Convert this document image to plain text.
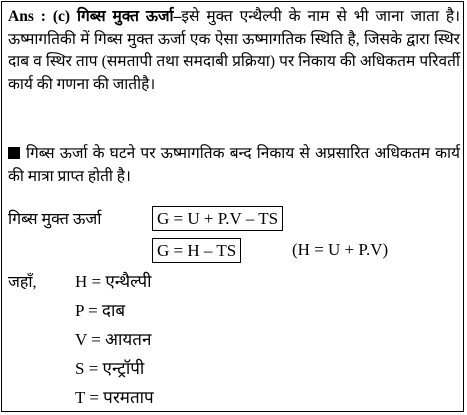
Ans : (c) गिब्स मुक्त ऊर्जा–इसे मुक्त एन्थैल्पी के नाम से भी जाना जाता है। ऊष्मागतिकी में गिब्स मुक्त ऊर्जा एक ऐसा ऊष्मागतिक स्थिति है, जिसके द्वारा स्थिर दाब व स्थिर ताप (समतापी तथा समदाबी प्रक्रिया) पर निकाय की अधिकतम परिवर्ती कार्य की गणना की जातीहै।
गिब्स ऊर्जा के घटने पर ऊष्मागतिक बन्द निकाय से अप्रसारित अधिकतम कार्य की मात्रा प्राप्त होती है।
गिब्स मुक्त ऊर्जा	G = U + P.V – TS
G = H – TS	(H = U + P.V)
जहाँ, H = एन्थैल्पी
P = दाब
V = आयतन
S = एन्ट्रॉपी
T = परमताप
